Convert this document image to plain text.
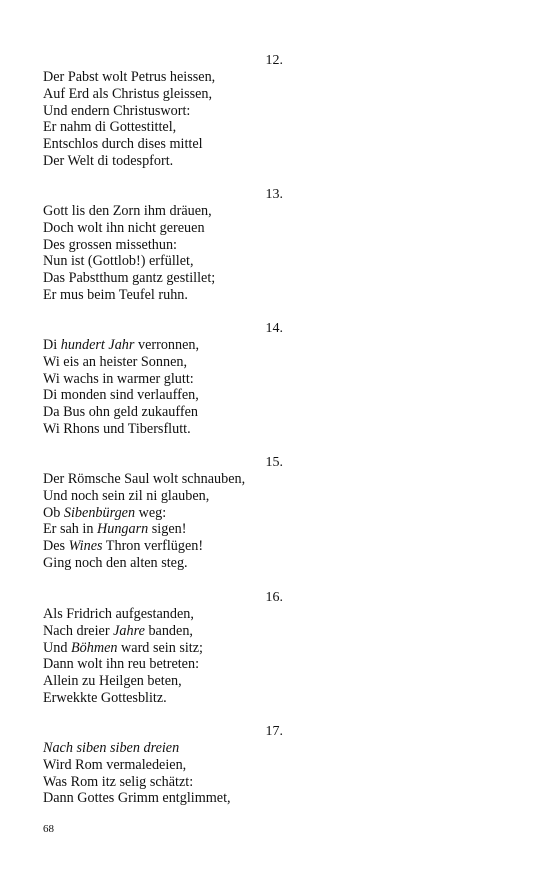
12.
Der Pabst wolt Petrus heissen,
Auf Erd als Christus gleissen,
Und endern Christuswort:
Er nahm di Gottestittel,
Entschlos durch dises mittel
Der Welt di todespfort.
13.
Gott lis den Zorn ihm dräuen,
Doch wolt ihn nicht gereuen
Des grossen missethun:
Nun ist (Gottlob!) erfüllet,
Das Pabstthum gantz gestillet;
Er mus beim Teufel ruhn.
14.
Di hundert Jahr verronnen,
Wi eis an heister Sonnen,
Wi wachs in warmer glutt:
Di monden sind verlauffen,
Da Bus ohn geld zukauffen
Wi Rhons und Tibersflutt.
15.
Der Römsche Saul wolt schnauben,
Und noch sein zil ni glauben,
Ob Sibenbürgen weg:
Er sah in Hungarn sigen!
Des Wines Thron verflügen!
Ging noch den alten steg.
16.
Als Fridrich aufgestanden,
Nach dreier Jahre banden,
Und Böhmen ward sein sitz;
Dann wolt ihn reu betreten:
Allein zu Heilgen beten,
Erwekkte Gottesblitz.
17.
Nach siben siben dreien
Wird Rom vermaledeien,
Was Rom itz selig schätzt:
Dann Gottes Grimm entglimmet,
68
